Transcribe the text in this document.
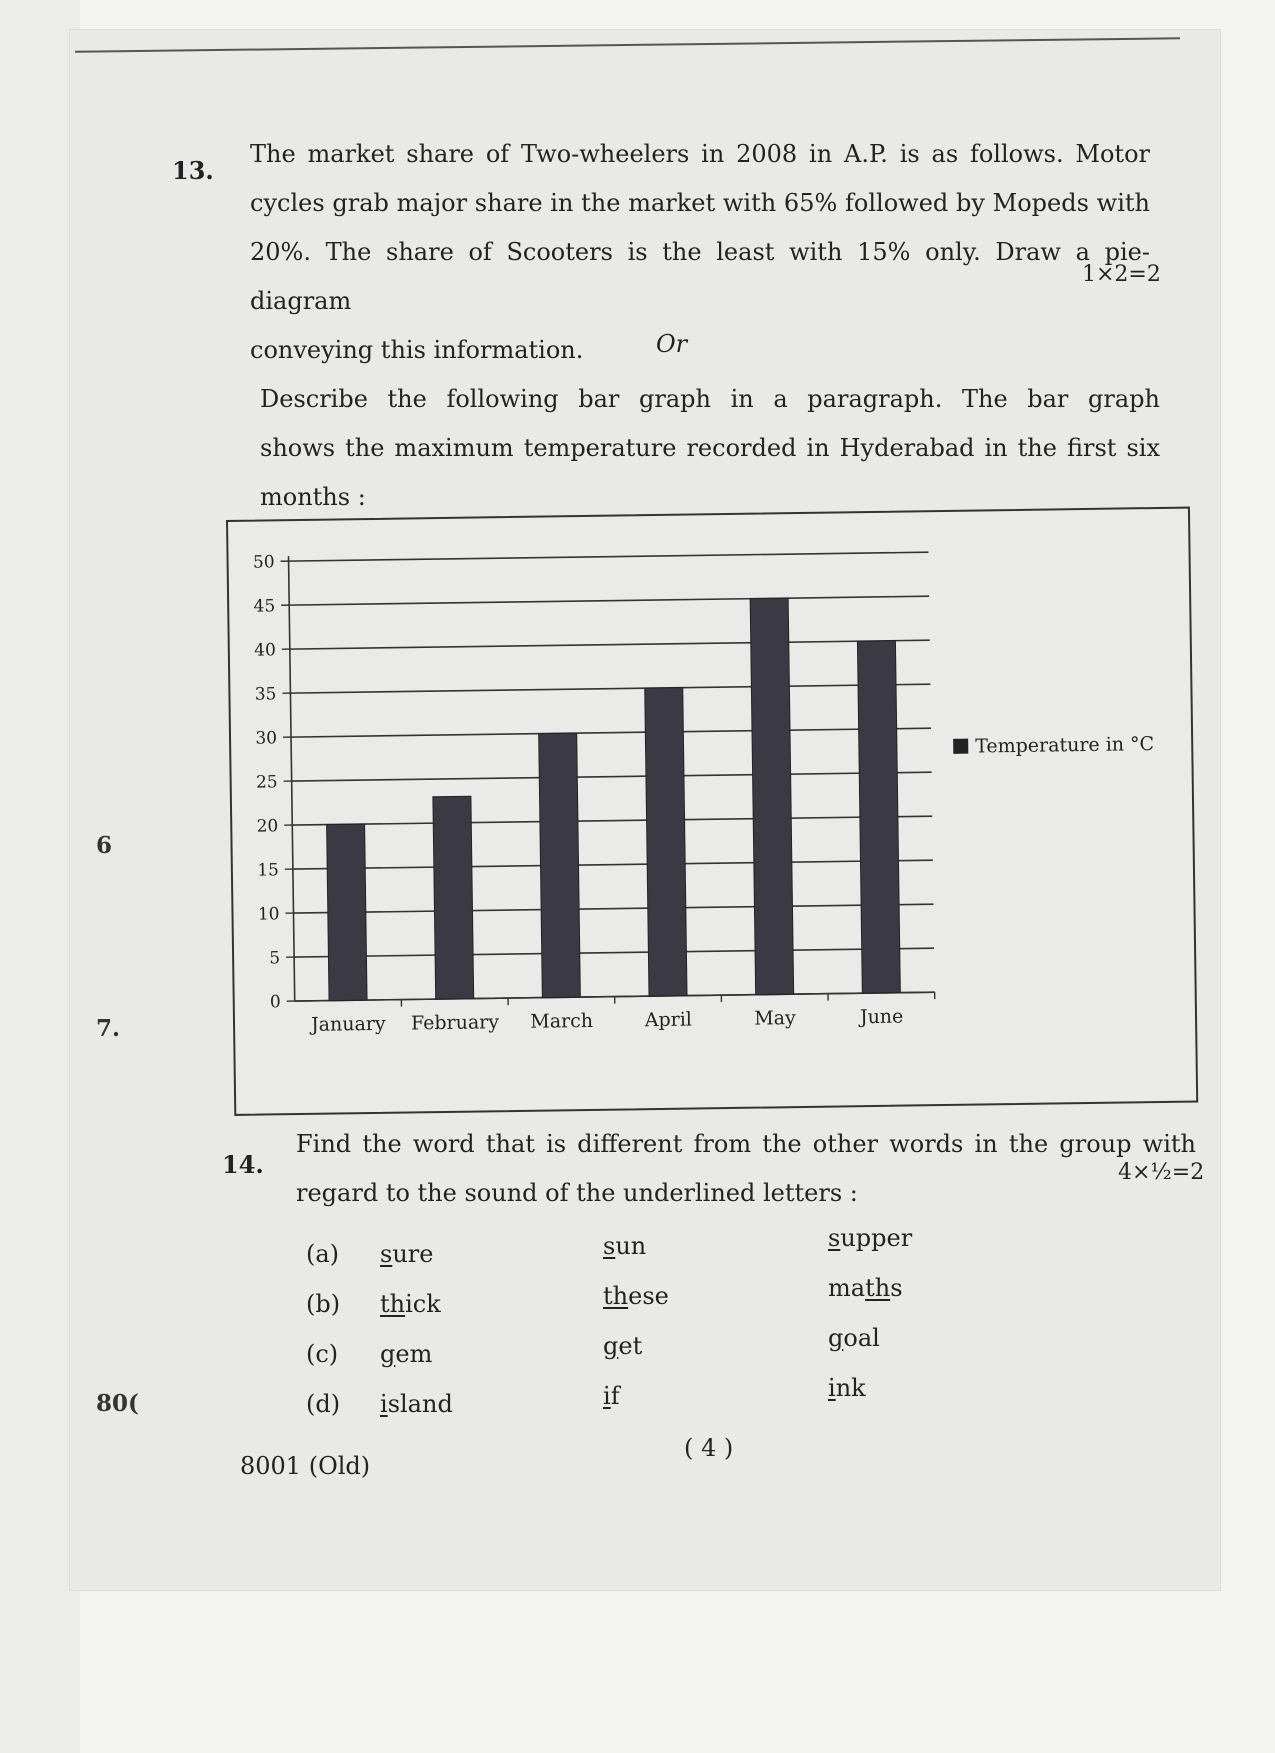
6
7.
80(
13.
The market share of Two-wheelers in 2008 in A.P. is as follows. Motor
cycles grab major share in the market with 65% followed by Mopeds with
20%. The share of Scooters is the least with 15% only. Draw a pie-diagram
conveying this information.
1×2=2
Or
Describe the following bar graph in a paragraph. The bar graph
shows the maximum temperature recorded in Hyderabad in the first six
months :
0
5
10
15
20
25
30
35
40
45
50
January February March	April	May	June
Temperature in °C
14.
Find the word that is different from the other words in the group with
regard to the sound of the underlined letters :
4×½=2
(a) sure	sun	supper
(b) thick	these	maths
(c) gem	get	goal
(d) island	if	ink
8001 (Old)
( 4 )
